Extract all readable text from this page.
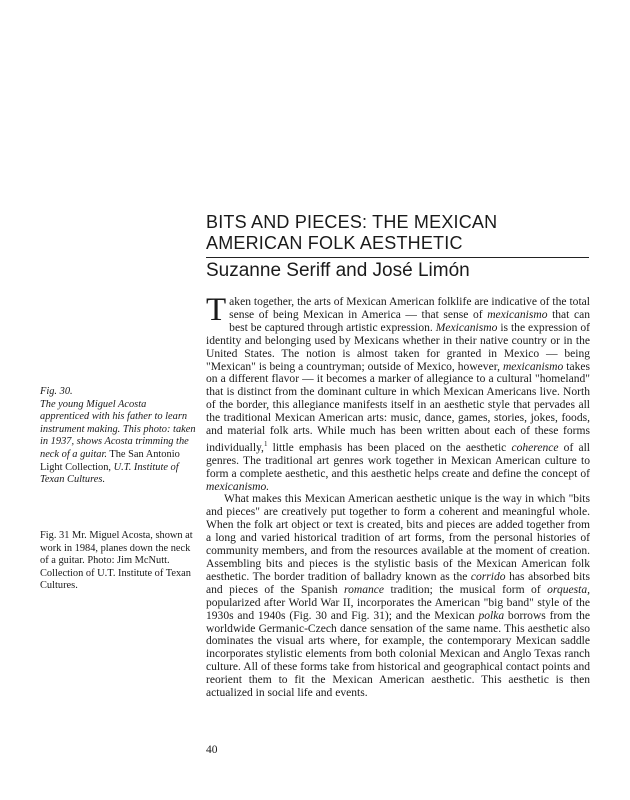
BITS AND PIECES: THE MEXICAN AMERICAN FOLK AESTHETIC
Suzanne Seriff and José Limón
Fig. 30.
The young Miguel Acosta apprenticed with his father to learn instrument making. This photo: taken in 1937, shows Acosta trimming the neck of a guitar. The San Antonio Light Collection, U.T. Institute of Texan Cultures.
Fig. 31 Mr. Miguel Acosta, shown at work in 1984, planes down the neck of a guitar. Photo: Jim McNutt. Collection of U.T. Institute of Texan Cultures.

Taken together, the arts of Mexican American folklife are indicative of the total sense of being Mexican in America — that sense of mexicanismo that can best be captured through artistic expression. Mexicanismo is the expression of identity and belonging used by Mexicans whether in their native country or in the United States. The notion is almost taken for granted in Mexico — being "Mexican" is being a countryman; outside of Mexico, however, mexicanismo takes on a different flavor — it becomes a marker of allegiance to a cultural "homeland" that is distinct from the dominant culture in which Mexican Americans live. North of the border, this allegiance manifests itself in an aesthetic style that pervades all the traditional Mexican American arts: music, dance, games, stories, jokes, foods, and material folk arts. While much has been written about each of these forms individually,$^1$ little emphasis has been placed on the aesthetic coherence of all genres. The traditional art genres work together in Mexican American culture to form a complete aesthetic, and this aesthetic helps create and define the concept of mexicanismo.

What makes this Mexican American aesthetic unique is the way in which "bits and pieces" are creatively put together to form a coherent and meaningful whole. When the folk art object or text is created, bits and pieces are added together from a long and varied historical tradition of art forms, from the personal histories of community members, and from the resources available at the moment of creation. Assembling bits and pieces is the stylistic basis of the Mexican American folk aesthetic. The border tradition of balladry known as the corrido has absorbed bits and pieces of the Spanish romance tradition; the musical form of orquesta, popularized after World War II, incorporates the American "big band" style of the 1930s and 1940s (Fig. 30 and Fig. 31); and the Mexican polka borrows from the worldwide Germanic-Czech dance sensation of the same name. This aesthetic also dominates the visual arts where, for example, the contemporary Mexican saddle incorporates stylistic elements from both colonial Mexican and Anglo Texas ranch culture. All of these forms take from historical and geographical contact points and reorient them to fit the Mexican American aesthetic. This aesthetic is then actualized in social life and events.

40
